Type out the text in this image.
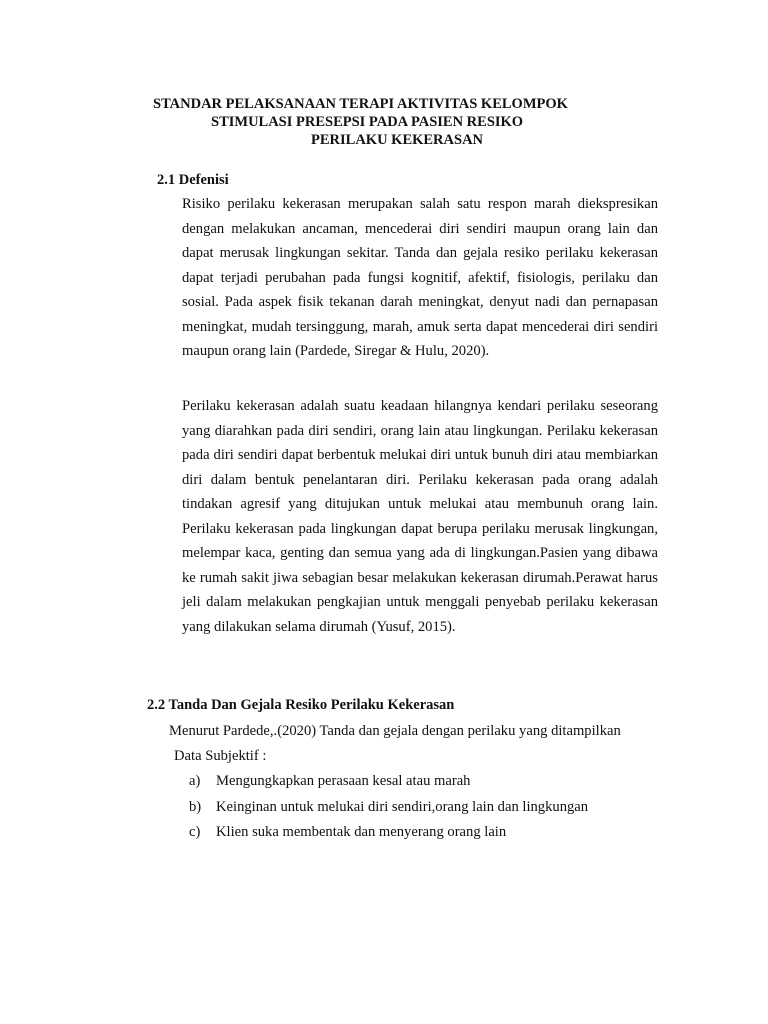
STANDAR PELAKSANAAN TERAPI AKTIVITAS KELOMPOK
STIMULASI PRESEPSI PADA PASIEN RESIKO
PERILAKU KEKERASAN
2.1 Defenisi

Risiko perilaku kekerasan merupakan salah satu respon marah diekspresikan dengan melakukan ancaman, mencederai diri sendiri maupun orang lain dan dapat merusak lingkungan sekitar. Tanda dan gejala resiko perilaku kekerasan dapat terjadi perubahan pada fungsi kognitif, afektif, fisiologis, perilaku dan sosial. Pada aspek fisik tekanan darah meningkat, denyut nadi dan pernapasan meningkat, mudah tersinggung, marah, amuk serta dapat mencederai diri sendiri maupun orang lain (Pardede, Siregar & Hulu, 2020).

Perilaku kekerasan adalah suatu keadaan hilangnya kendari perilaku seseorang yang diarahkan pada diri sendiri, orang lain atau lingkungan. Perilaku kekerasan pada diri sendiri dapat berbentuk melukai diri untuk bunuh diri atau membiarkan diri dalam bentuk penelantaran diri. Perilaku kekerasan pada orang adalah tindakan agresif yang ditujukan untuk melukai atau membunuh orang lain. Perilaku kekerasan pada lingkungan dapat berupa perilaku merusak lingkungan, melempar kaca, genting dan semua yang ada di lingkungan.Pasien yang dibawa ke rumah sakit jiwa sebagian besar melakukan kekerasan dirumah.Perawat harus jeli dalam melakukan pengkajian untuk menggali penyebab perilaku kekerasan yang dilakukan selama dirumah (Yusuf, 2015).

2.2 Tanda Dan Gejala Resiko Perilaku Kekerasan
Menurut Pardede,.(2020) Tanda dan gejala dengan perilaku yang ditampilkan
Data Subjektif :
a) Mengungkapkan perasaan kesal atau marah
b) Keinginan untuk melukai diri sendiri,orang lain dan lingkungan
c) Klien suka membentak dan menyerang orang lain
